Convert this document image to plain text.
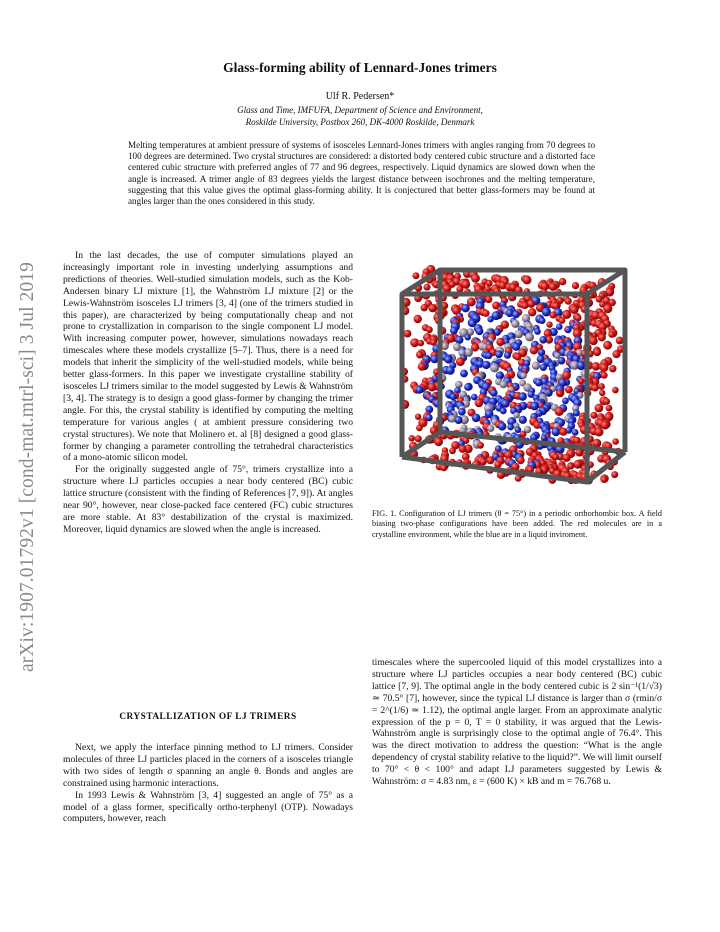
arXiv:1907.01792v1 [cond-mat.mtrl-sci] 3 Jul 2019
Glass-forming ability of Lennard-Jones trimers
Ulf R. Pedersen*
Glass and Time, IMFUFA, Department of Science and Environment,
Roskilde University, Postbox 260, DK-4000 Roskilde, Denmark
Melting temperatures at ambient pressure of systems of isosceles Lennard-Jones trimers with angles ranging from 70 degrees to 100 degrees are determined. Two crystal structures are considered: a distorted body centered cubic structure and a distorted face centered cubic structure with preferred angles of 77 and 96 degrees, respectively. Liquid dynamics are slowed down when the angle is increased. A trimer angle of 83 degrees yields the largest distance between isochrones and the melting temperature, suggesting that this value gives the optimal glass-forming ability. It is conjectured that better glass-formers may be found at angles larger than the ones considered in this study.

In the last decades, the use of computer simulations played an increasingly important role in investing underlying assumptions and predictions of theories. Well-studied simulation models, such as the Kob-Andersen binary LJ mixture [1], the Wahnström LJ mixture [2] or the Lewis-Wahnström isosceles LJ trimers [3, 4] (one of the trimers studied in this paper), are characterized by being computationally cheap and not prone to crystallization in comparison to the single component LJ model. With increasing computer power, however, simulations nowadays reach timescales where these models crystallize [5–7]. Thus, there is a need for models that inherit the simplicity of the well-studied models, while being better glass-formers. In this paper we investigate crystalline stability of isosceles LJ trimers similar to the model suggested by Lewis & Wahnström [3, 4]. The strategy is to design a good glass-former by changing the trimer angle. For this, the crystal stability is identified by computing the melting temperature for various angles ( at ambient pressure considering two crystal structures). We note that Molinero et. al [8] designed a good glass-former by changing a parameter controlling the tetrahedral characteristics of a mono-atomic silicon model.

For the originally suggested angle of 75°, trimers crystallize into a structure where LJ particles occupies a near body centered (BC) cubic lattice structure (consistent with the finding of References [7, 9]). At angles near 90°, however, near close-packed face centered (FC) cubic structures are more stable. At 83° destabilization of the crystal is maximized. Moreover, liquid dynamics are slowed when the angle is increased.

CRYSTALLIZATION OF LJ TRIMERS

Next, we apply the interface pinning method to LJ trimers. Consider molecules of three LJ particles placed in the corners of a isosceles triangle with two sides of length σ spanning an angle θ. Bonds and angles are constrained using harmonic interactions.

In 1993 Lewis & Wahnström [3, 4] suggested an angle of 75° as a model of a glass former, specifically ortho-terphenyl (OTP). Nowadays computers, however, reach

timescales where the supercooled liquid of this model crystallizes into a structure where LJ particles occupies a near body centered (BC) cubic lattice [7, 9]. The optimal angle in the body centered cubic is 2 sin⁻¹(1/√3) ≃ 70.5° [7], however, since the typical LJ distance is larger than σ (rmin/σ = 2^(1/6) ≃ 1.12), the optimal angle larger. From an approximate analytic expression of the p = 0, T = 0 stability, it was argued that the Lewis-Wahnström angle is surprisingly close to the optimal angle of 76.4°. This was the direct motivation to address the question: “What is the angle dependency of crystal stability relative to the liquid?”. We will limit ourself to 70° < θ < 100° and adapt LJ parameters suggested by Lewis & Wahnström: σ = 4.83 nm, ε = (600 K) × kB and m = 76.768 u.

FIG. 1. Configuration of LJ trimers (θ = 75°) in a periodic orthorhombic box. A field biasing two-phase configurations have been added. The red molecules are in a crystalline environment, while the blue are in a liquid inviroment.
